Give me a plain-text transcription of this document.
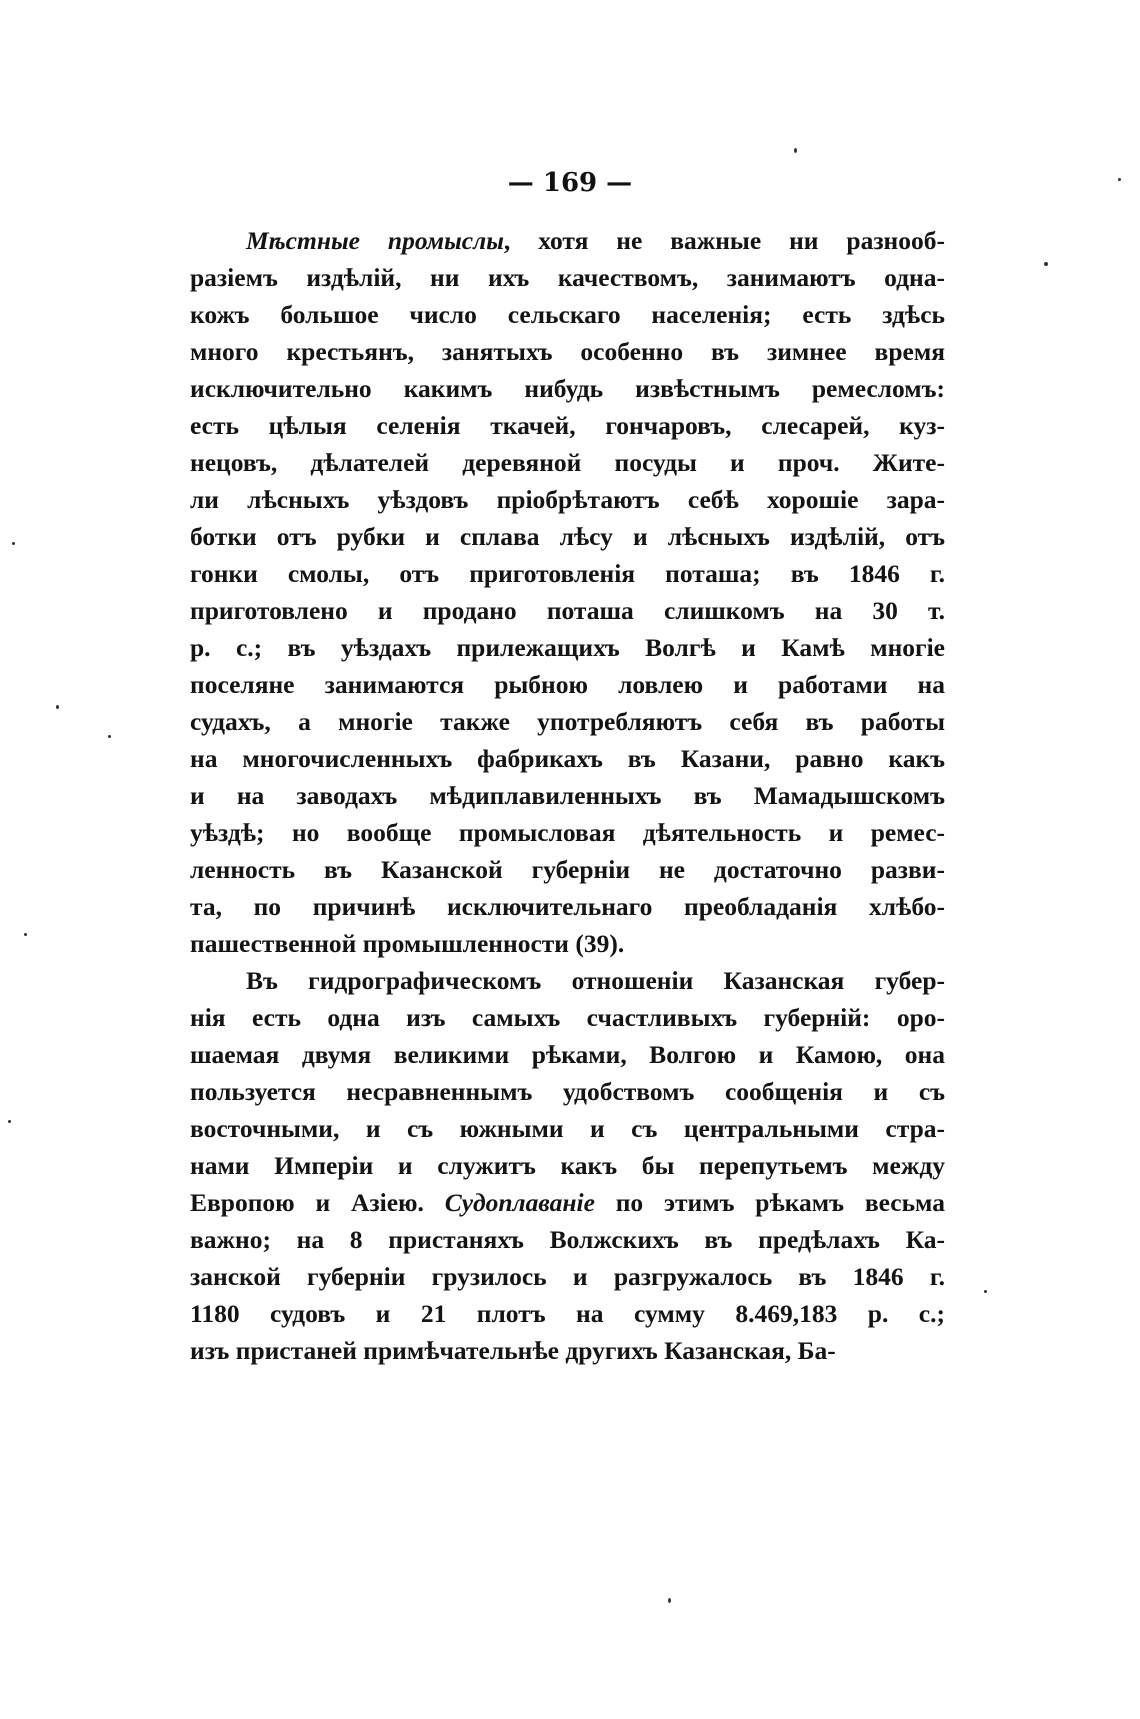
— 169 —
Мѣстные промыслы, хотя не важные ни разнооб-
разіемъ издѣлій, ни ихъ качествомъ, занимаютъ одна-
кожъ большое число сельскаго населенія; есть здѣсь
много крестьянъ, занятыхъ особенно въ зимнее время
исключительно какимъ нибудь извѣстнымъ ремесломъ:
есть цѣлыя селенія ткачей, гончаровъ, слесарей, куз-
нецовъ, дѣлателей деревяной посуды и проч. Жите-
ли лѣсныхъ уѣздовъ пріобрѣтаютъ себѣ хорошіе зара-
ботки отъ рубки и сплава лѣсу и лѣсныхъ издѣлій, отъ
гонки смолы, отъ приготовленія поташа; въ 1846 г.
приготовлено и продано поташа слишкомъ на 30 т.
р. с.; въ уѣздахъ прилежащихъ Волгѣ и Камѣ многіе
поселяне занимаются рыбною ловлею и работами на
судахъ, а многіе также употребляютъ себя въ работы
на многочисленныхъ фабрикахъ въ Казани, равно какъ
и на заводахъ мѣдиплавиленныхъ въ Мамадышскомъ
уѣздѣ; но вообще промысловая дѣятельность и ремес-
ленность въ Казанской губерніи не достаточно разви-
та, по причинѣ исключительнаго преобладанія хлѣбо-
пашественной промышленности (39).
Въ гидрографическомъ отношеніи Казанская губер-
нія есть одна изъ самыхъ счастливыхъ губерній: оро-
шаемая двумя великими рѣками, Волгою и Камою, она
пользуется несравненнымъ удобствомъ сообщенія и съ
восточными, и съ южными и съ центральными стра-
нами Имперіи и служитъ какъ бы перепутьемъ между
Европою и Азіею. Судоплаваніе по этимъ рѣкамъ весьма
важно; на 8 пристаняхъ Волжскихъ въ предѣлахъ Ка-
занской губерніи грузилось и разгружалось въ 1846 г.
1180 судовъ и 21 плотъ на сумму 8.469,183 р. с.;
изъ пристаней примѣчательнѣе другихъ Казанская, Ба-
